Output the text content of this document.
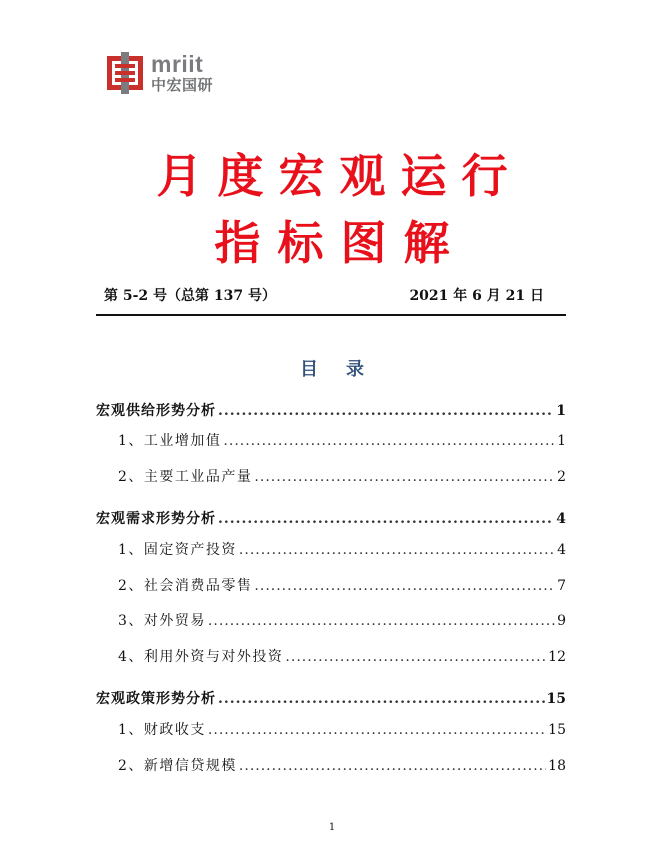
mriit
中宏国研
月度宏观运行
指标图解
第 5-2 号（总第 137 号）	2021 年 6 月 21 日
目录
宏观供给形势分析 .....	1
1、工业增加值 .....	1
2、主要工业品产量 .....	2
宏观需求形势分析 .....	4
1、固定资产投资 .....	4
2、社会消费品零售 .....	7
3、对外贸易 .....	9
4、利用外资与对外投资 .....	12
宏观政策形势分析 .....	15
1、财政收支 .....	15
2、新增信贷规模 .....	18
1
